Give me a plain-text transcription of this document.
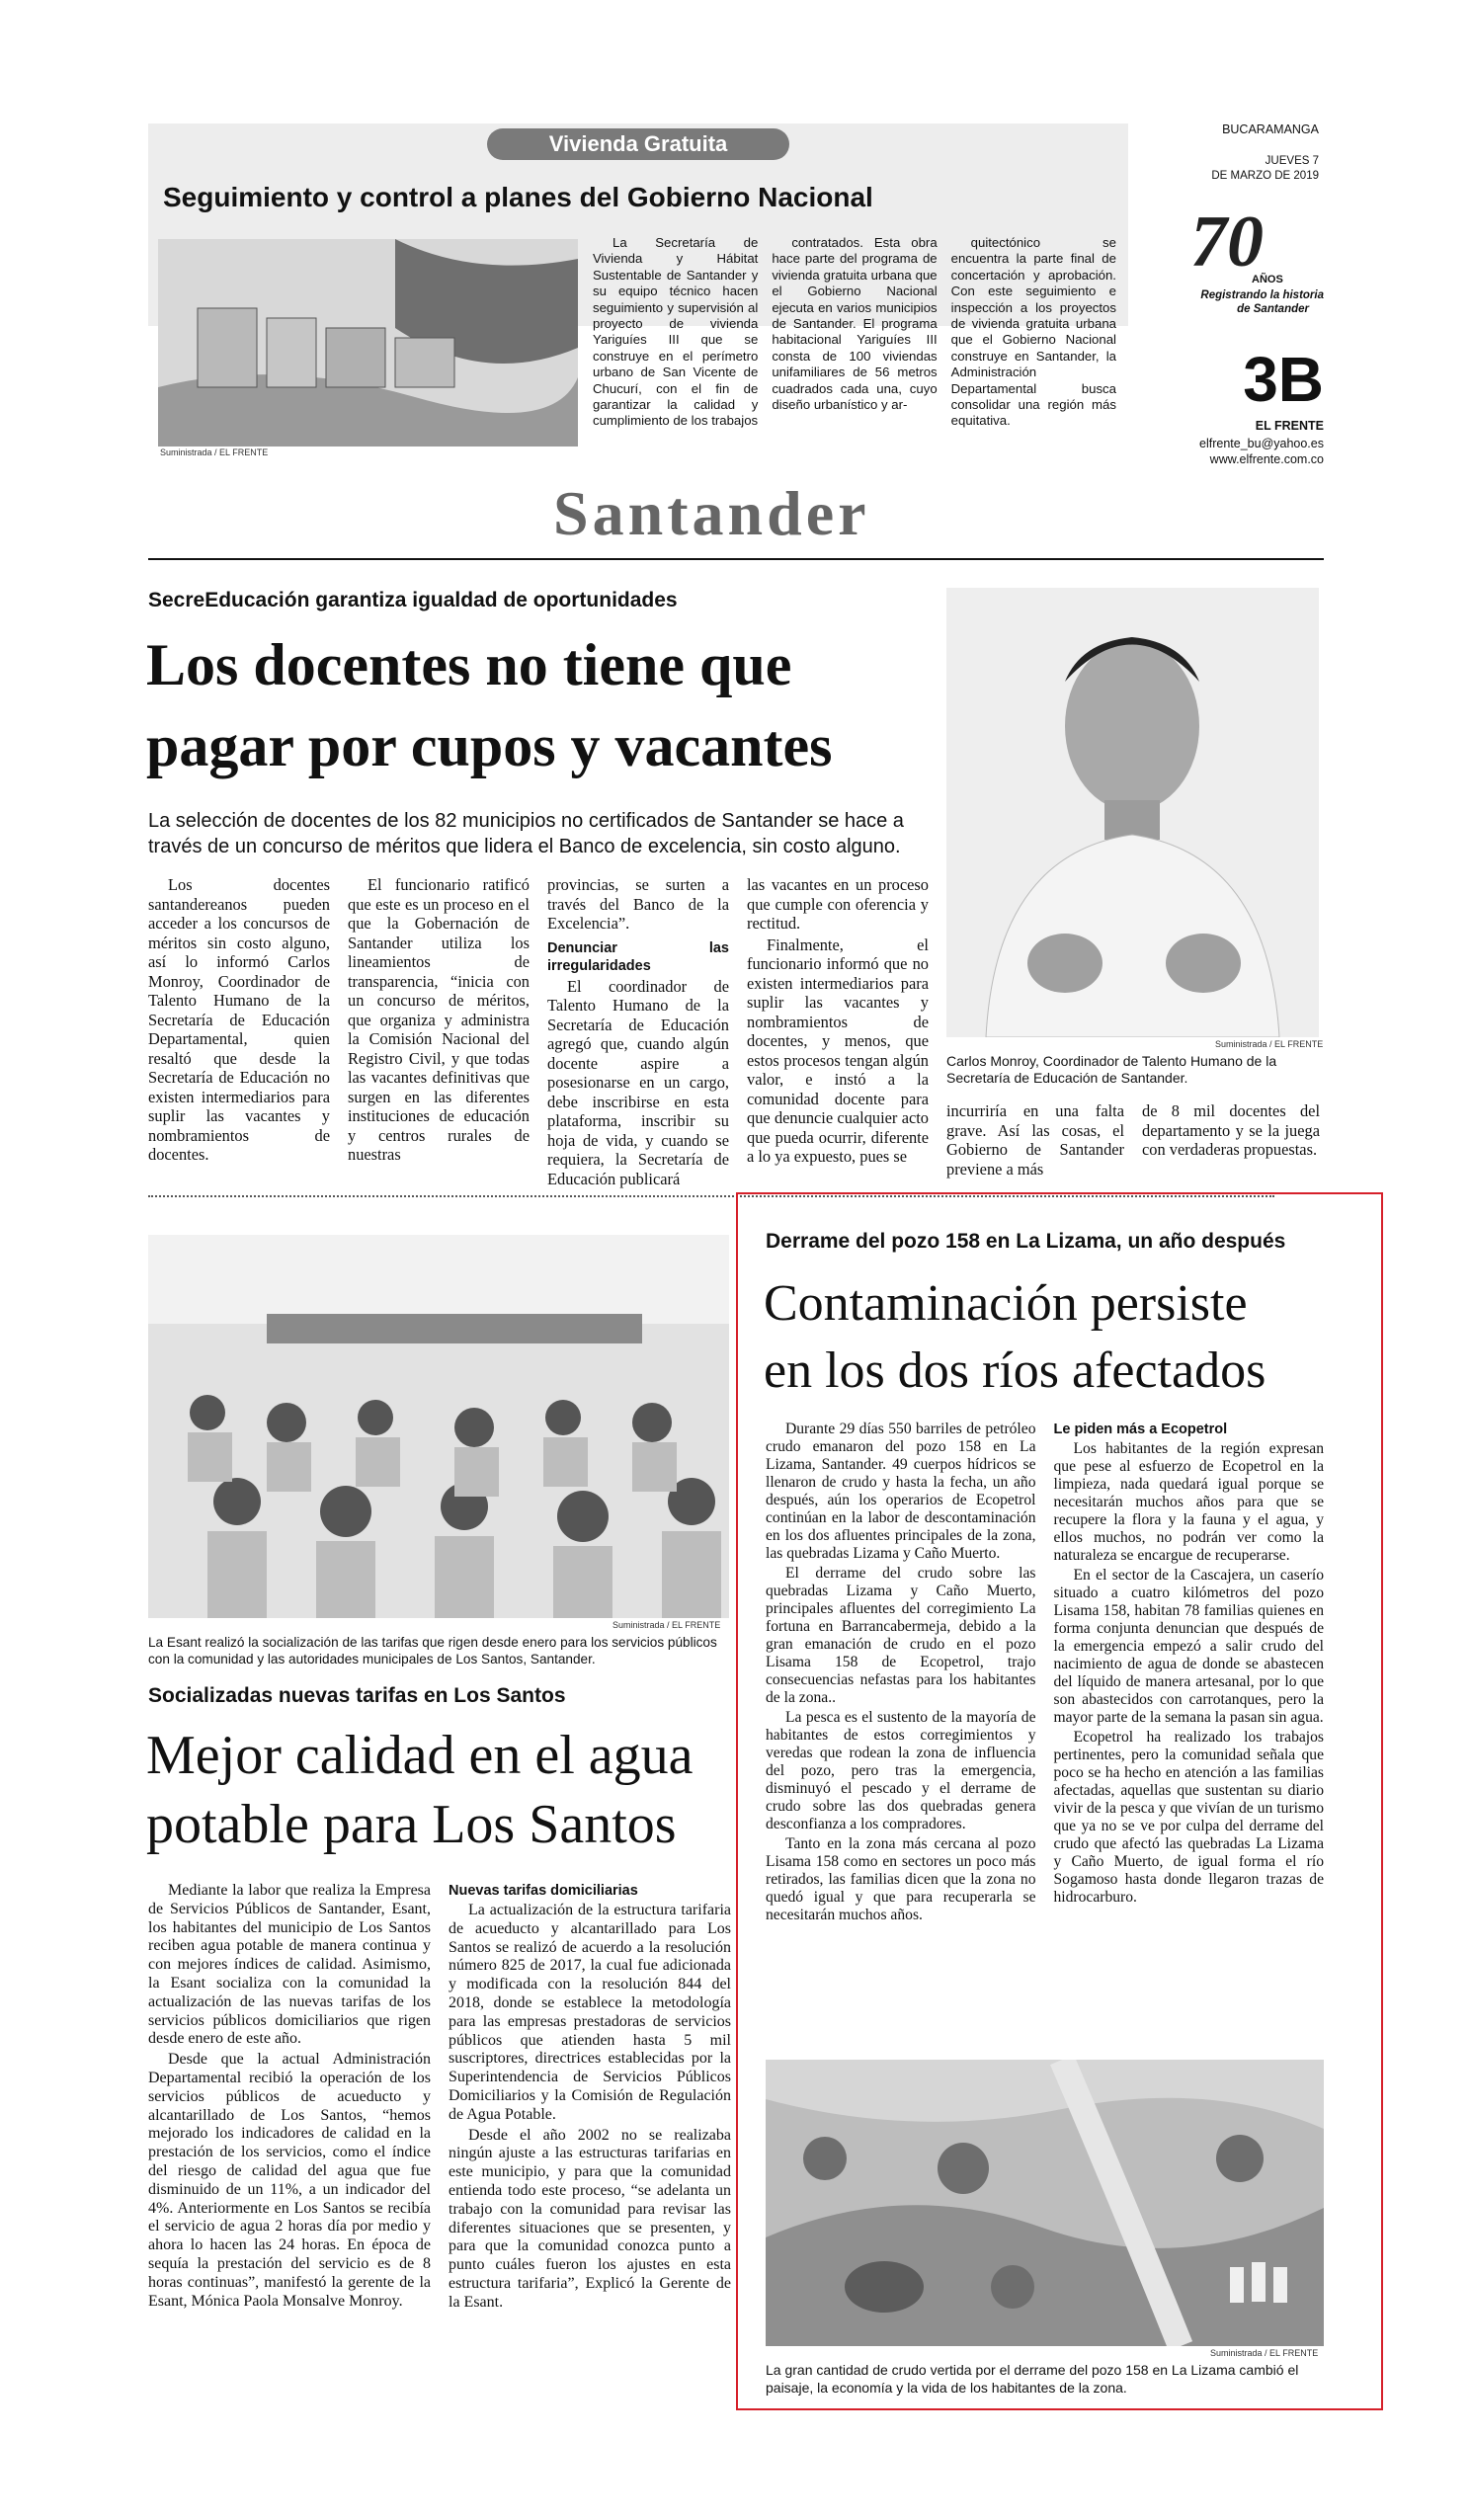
Vivienda Gratuita
Seguimiento y control a planes del Gobierno Nacional
Suministrada / EL FRENTE

La Secretaría de Vivienda y Hábitat Sustentable de Santander y su equipo técnico hacen seguimiento y supervisión al proyecto de vivienda Yariguíes III que se construye en el perímetro urbano de San Vicente de Chucurí, con el fin de garantizar la calidad y cumplimiento de los trabajos

contratados. Esta obra hace parte del programa de vivienda gratuita urbana que el Gobierno Nacional ejecuta en varios municipios de Santander. El programa habitacional Yariguíes III consta de 100 viviendas unifamiliares de 56 metros cuadrados cada una, cuyo diseño urbanístico y ar-

quitectónico se encuentra la parte final de concertación y aprobación. Con este seguimiento e inspección a los proyectos de vivienda gratuita urbana que el Gobierno Nacional construye en Santander, la Administración Departamental busca consolidar una región más equitativa.

BUCARAMANGA
JUEVES 7
DE MARZO DE 2019
70
AÑOS
Registrando la historia
de Santander
3B
EL FRENTE
elfrente_bu@yahoo.es
www.elfrente.com.co
Santander
SecreEducación garantiza igualdad de oportunidades
Los docentes no tiene que
pagar por cupos y vacantes
La selección de docentes de los 82 municipios no certificados de Santander se hace a través de un concurso de méritos que lidera el Banco de excelencia, sin costo alguno.

Los docentes santandereanos pueden acceder a los concursos de méritos sin costo alguno, así lo informó Carlos Monroy, Coordinador de Talento Humano de la Secretaría de Educación Departamental, quien resaltó que desde la Secretaría de Educación no existen intermediarios para suplir las vacantes y nombramientos de docentes.

El funcionario ratificó que este es un proceso en el que la Gobernación de Santander utiliza los lineamientos de transparencia, “inicia con un concurso de méritos, que organiza y administra la Comisión Nacional del Registro Civil, y que todas las vacantes definitivas que surgen en las diferentes instituciones de educación y centros rurales de nuestras

provincias, se surten a través del Banco de la Excelencia”.

Denunciar las irregularidades

El coordinador de Talento Humano de la Secretaría de Educación agregó que, cuando algún docente aspire a posesionarse en un cargo, debe inscribirse en esta plataforma, inscribir su hoja de vida, y cuando se requiera, la Secretaría de Educación publicará

las vacantes en un proceso que cumple con oferencia y rectitud.

Finalmente, el funcionario informó que no existen intermediarios para suplir las vacantes y nombramientos de docentes, y menos, que estos procesos tengan algún valor, e instó a la comunidad docente para que denuncie cualquier acto que pueda ocurrir, diferente a lo ya expuesto, pues se

Suministrada / EL FRENTE
Carlos Monroy, Coordinador de Talento Humano de la Secretaría de Educación de Santander.

incurriría en una falta grave. Así las cosas, el Gobierno de Santander previene a más

de 8 mil docentes del departamento y se la juega con verdaderas propuestas.

Suministrada / EL FRENTE
La Esant realizó la socialización de las tarifas que rigen desde enero para los servicios públicos con la comunidad y las autoridades municipales de Los Santos, Santander.
Socializadas nuevas tarifas en Los Santos
Mejor calidad en el agua
potable para Los Santos

Mediante la labor que realiza la Empresa de Servicios Públicos de Santander, Esant, los habitantes del municipio de Los Santos reciben agua potable de manera continua y con mejores índices de calidad. Asimismo, la Esant socializa con la comunidad la actualización de las nuevas tarifas de los servicios públicos domiciliarios que rigen desde enero de este año.

Desde que la actual Administración Departamental recibió la operación de los servicios públicos de acueducto y alcantarillado de Los Santos, “hemos mejorado los indicadores de calidad en la prestación de los servicios, como el índice del riesgo de calidad del agua que fue disminuido de un 11%, a un indicador del 4%. Anteriormente en Los Santos se recibía el servicio de agua 2 horas día por medio y ahora lo hacen las 24 horas. En época de sequía la prestación del servicio es de 8 horas continuas”, manifestó la gerente de la Esant, Mónica Paola Monsalve Monroy.

Nuevas tarifas domiciliarias

La actualización de la estructura tarifaria de acueducto y alcantarillado para Los Santos se realizó de acuerdo a la resolución número 825 de 2017, la cual fue adicionada y modificada con la resolución 844 del 2018, donde se establece la metodología para las empresas prestadoras de servicios públicos que atienden hasta 5 mil suscriptores, directrices establecidas por la Superintendencia de Servicios Públicos Domiciliarios y la Comisión de Regulación de Agua Potable.

Desde el año 2002 no se realizaba ningún ajuste a las estructuras tarifarias en este municipio, y para que la comunidad entienda todo este proceso, “se adelanta un trabajo con la comunidad para revisar las diferentes situaciones que se presenten, y para que la comunidad conozca punto a punto cuáles fueron los ajustes en esta estructura tarifaria”, Explicó la Gerente de la Esant.

Derrame del pozo 158 en La Lizama, un año después
Contaminación persiste
en los dos ríos afectados

Durante 29 días 550 barriles de petróleo crudo emanaron del pozo 158 en La Lizama, Santander. 49 cuerpos hídricos se llenaron de crudo y hasta la fecha, un año después, aún los operarios de Ecopetrol continúan en la labor de descontaminación en los dos afluentes principales de la zona, las quebradas Lizama y Caño Muerto.

El derrame del crudo sobre las quebradas Lizama y Caño Muerto, principales afluentes del corregimiento La fortuna en Barrancabermeja, debido a la gran emanación de crudo en el pozo Lisama 158 de Ecopetrol, trajo consecuencias nefastas para los habitantes de la zona..

La pesca es el sustento de la mayoría de habitantes de estos corregimientos y veredas que rodean la zona de influencia del pozo, pero tras la emergencia, disminuyó el pescado y el derrame de crudo sobre las dos quebradas genera desconfianza a los compradores.

Tanto en la zona más cercana al pozo Lisama 158 como en sectores un poco más retirados, las familias dicen que la zona no quedó igual y que para recuperarla se necesitarán muchos años.

Le piden más a Ecopetrol

Los habitantes de la región expresan que pese al esfuerzo de Ecopetrol en la limpieza, nada quedará igual porque se necesitarán muchos años para que se recupere la flora y la fauna y el agua, y ellos muchos, no podrán ver como la naturaleza se encargue de recuperarse.

En el sector de la Cascajera, un caserío situado a cuatro kilómetros del pozo Lisama 158, habitan 78 familias quienes en forma conjunta denuncian que después de la emergencia empezó a salir crudo del nacimiento de agua de donde se abastecen del líquido de manera artesanal, por lo que son abastecidos con carrotanques, pero la mayor parte de la semana la pasan sin agua.

Ecopetrol ha realizado los trabajos pertinentes, pero la comunidad señala que poco se ha hecho en atención a las familias afectadas, aquellas que sustentan su diario vivir de la pesca y que vivían de un turismo que ya no se ve por culpa del derrame del crudo que afectó las quebradas La Lizama y Caño Muerto, de igual forma el río Sogamoso hasta donde llegaron trazas de hidrocarburo.

Suministrada / EL FRENTE
La gran cantidad de crudo vertida por el derrame del pozo 158 en La Lizama cambió el paisaje, la economía y la vida de los habitantes de la zona.
